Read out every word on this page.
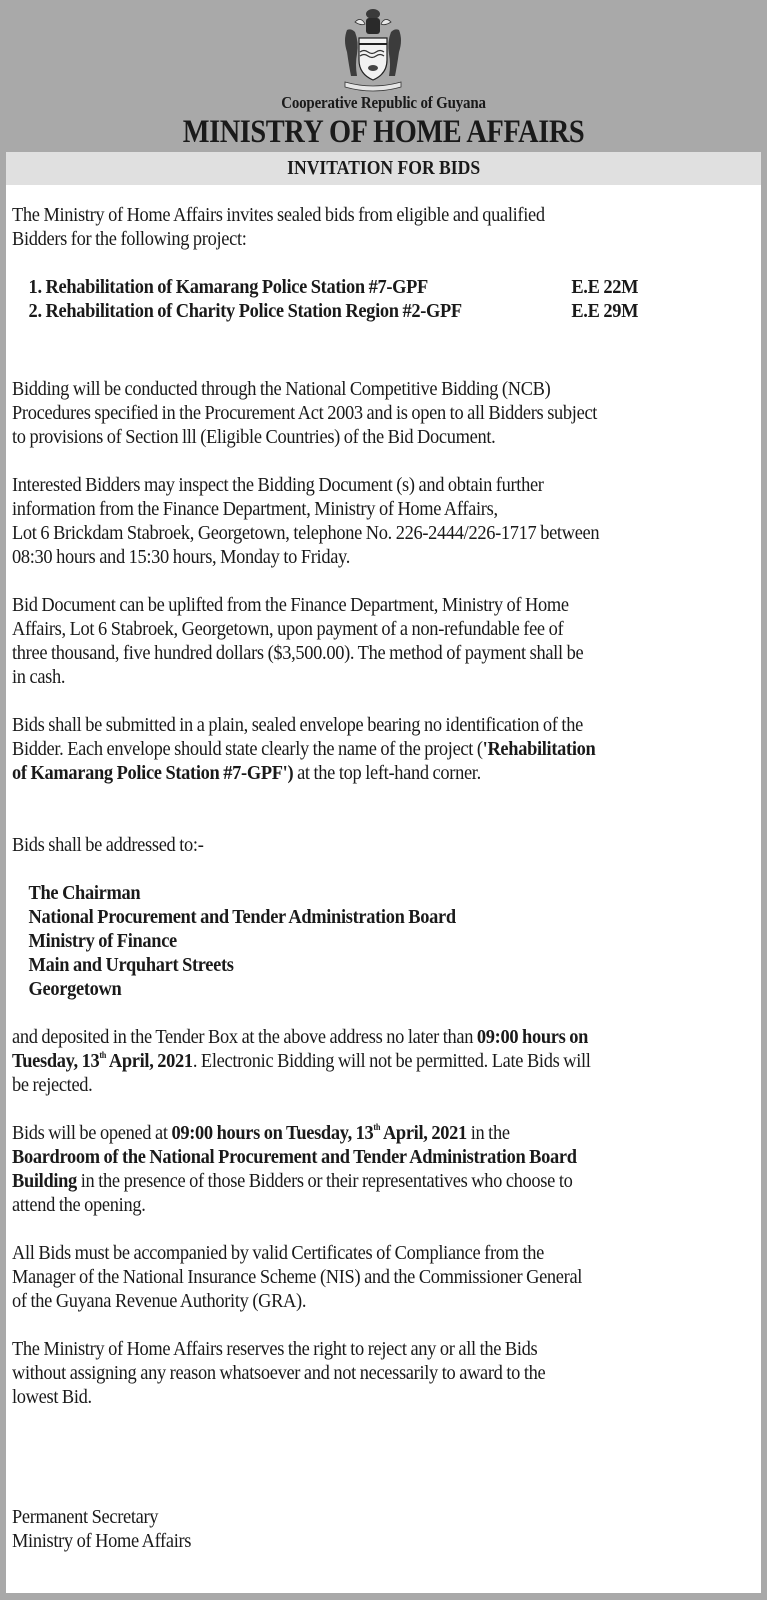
Cooperative Republic of Guyana
MINISTRY OF HOME AFFAIRS
INVITATION FOR BIDS

The Ministry of Home Affairs invites sealed bids from eligible and qualified
Bidders for the following project:

1. Rehabilitation of Kamarang Police Station #7-GPF	E.E 22M
2. Rehabilitation of Charity Police Station Region #2-GPF	E.E 29M

Bidding will be conducted through the National Competitive Bidding (NCB)
Procedures specified in the Procurement Act 2003 and is open to all Bidders subject
to provisions of Section lll (Eligible Countries) of the Bid Document.

Interested Bidders may inspect the Bidding Document (s) and obtain further
information from the Finance Department, Ministry of Home Affairs,
Lot 6 Brickdam Stabroek, Georgetown, telephone No. 226-2444/226-1717 between
08:30 hours and 15:30 hours, Monday to Friday.

Bid Document can be uplifted from the Finance Department, Ministry of Home
Affairs, Lot 6 Stabroek, Georgetown, upon payment of a non-refundable fee of
three thousand, five hundred dollars ($3,500.00). The method of payment shall be
in cash.

Bids shall be submitted in a plain, sealed envelope bearing no identification of the
Bidder. Each envelope should state clearly the name of the project ('Rehabilitation
of Kamarang Police Station #7-GPF') at the top left-hand corner.

Bids shall be addressed to:-

The Chairman
National Procurement and Tender Administration Board
Ministry of Finance
Main and Urquhart Streets
Georgetown

and deposited in the Tender Box at the above address no later than 09:00 hours on
Tuesday, 13th April, 2021. Electronic Bidding will not be permitted. Late Bids will
be rejected.

Bids will be opened at 09:00 hours on Tuesday, 13th April, 2021 in the
Boardroom of the National Procurement and Tender Administration Board
Building in the presence of those Bidders or their representatives who choose to
attend the opening.

All Bids must be accompanied by valid Certificates of Compliance from the
Manager of the National Insurance Scheme (NIS) and the Commissioner General
of the Guyana Revenue Authority (GRA).

The Ministry of Home Affairs reserves the right to reject any or all the Bids
without assigning any reason whatsoever and not necessarily to award to the
lowest Bid.

Permanent Secretary
Ministry of Home Affairs
